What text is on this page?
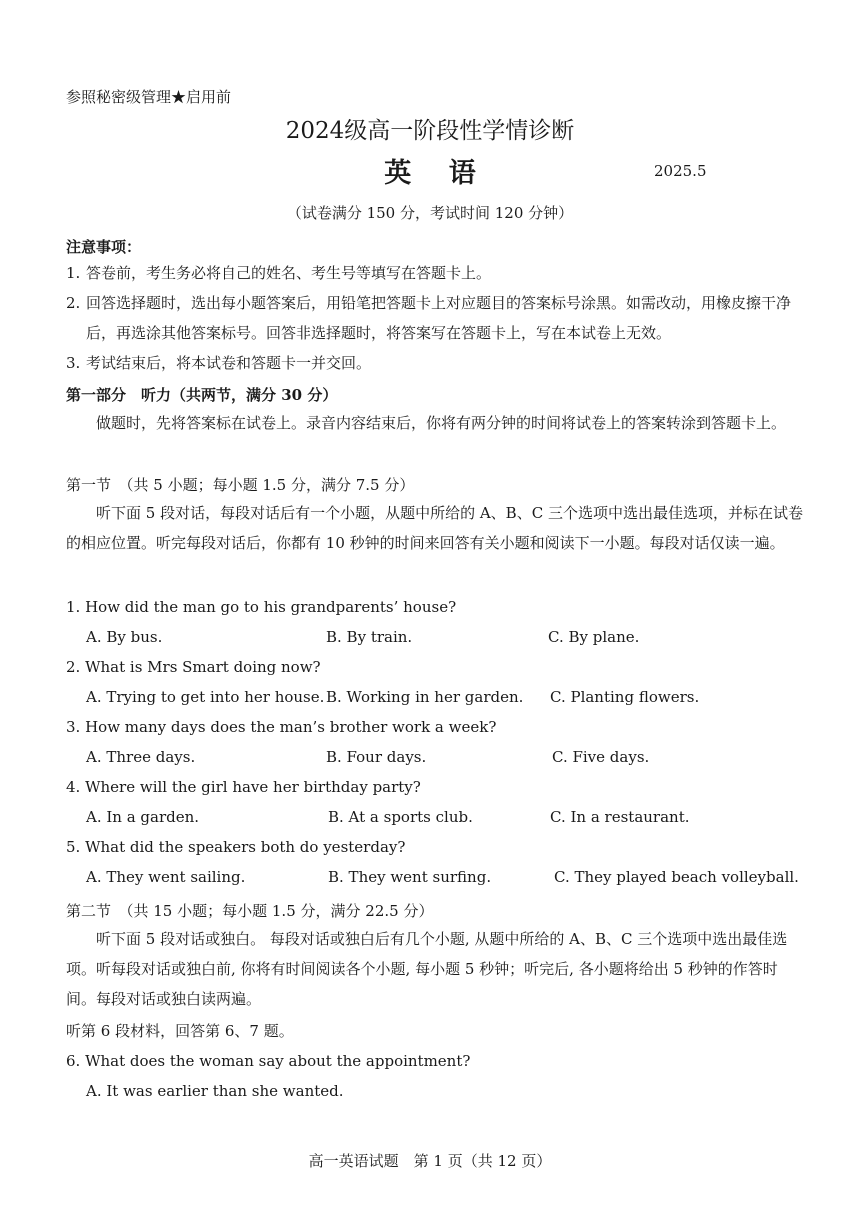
参照秘密级管理★启用前
2024级高一阶段性学情诊断
英 语	2025.5
（试卷满分 150 分，考试时间 120 分钟）
注意事项：
1. 答卷前，考生务必将自己的姓名、考生号等填写在答题卡上。
2. 回答选择题时，选出每小题答案后，用铅笔把答题卡上对应题目的答案标号涂黑。如需改动，用橡皮擦干净后，再选涂其他答案标号。回答非选择题时，将答案写在答题卡上，写在本试卷上无效。
3. 考试结束后，将本试卷和答题卡一并交回。
第一部分　听力（共两节，满分 30 分）
做题时，先将答案标在试卷上。录音内容结束后，你将有两分钟的时间将试卷上的答案转涂到答题卡上。
第一节　（共 5 小题；每小题 1.5 分，满分 7.5 分）
听下面 5 段对话，每段对话后有一个小题，从题中所给的 A、B、C 三个选项中选出最佳选项，并标在试卷的相应位置。听完每段对话后，你都有 10 秒钟的时间来回答有关小题和阅读下一小题。每段对话仅读一遍。
1. How did the man go to his grandparents’ house?
A. By bus.	B. By train.	C. By plane.
2. What is Mrs Smart doing now?
A. Trying to get into her house. B. Working in her garden. C. Planting flowers.
3. How many days does the man’s brother work a week?
A. Three days.	B. Four days.	C. Five days.
4. Where will the girl have her birthday party?
A. In a garden.	B. At a sports club.	C. In a restaurant.
5. What did the speakers both do yesterday?
A. They went sailing.	B. They went surfing.	C. They played beach volleyball.
第二节　（共 15 小题；每小题 1.5 分，满分 22.5 分）
听下面 5 段对话或独白。 每段对话或独白后有几个小题, 从题中所给的 A、B、C 三个选项中选出最佳选项。听每段对话或独白前, 你将有时间阅读各个小题, 每小题 5 秒钟；听完后, 各小题将给出 5 秒钟的作答时间。每段对话或独白读两遍。
听第 6 段材料，回答第 6、7 题。
6. What does the woman say about the appointment?
A. It was earlier than she wanted.
高一英语试题　第 1 页（共 12 页）
